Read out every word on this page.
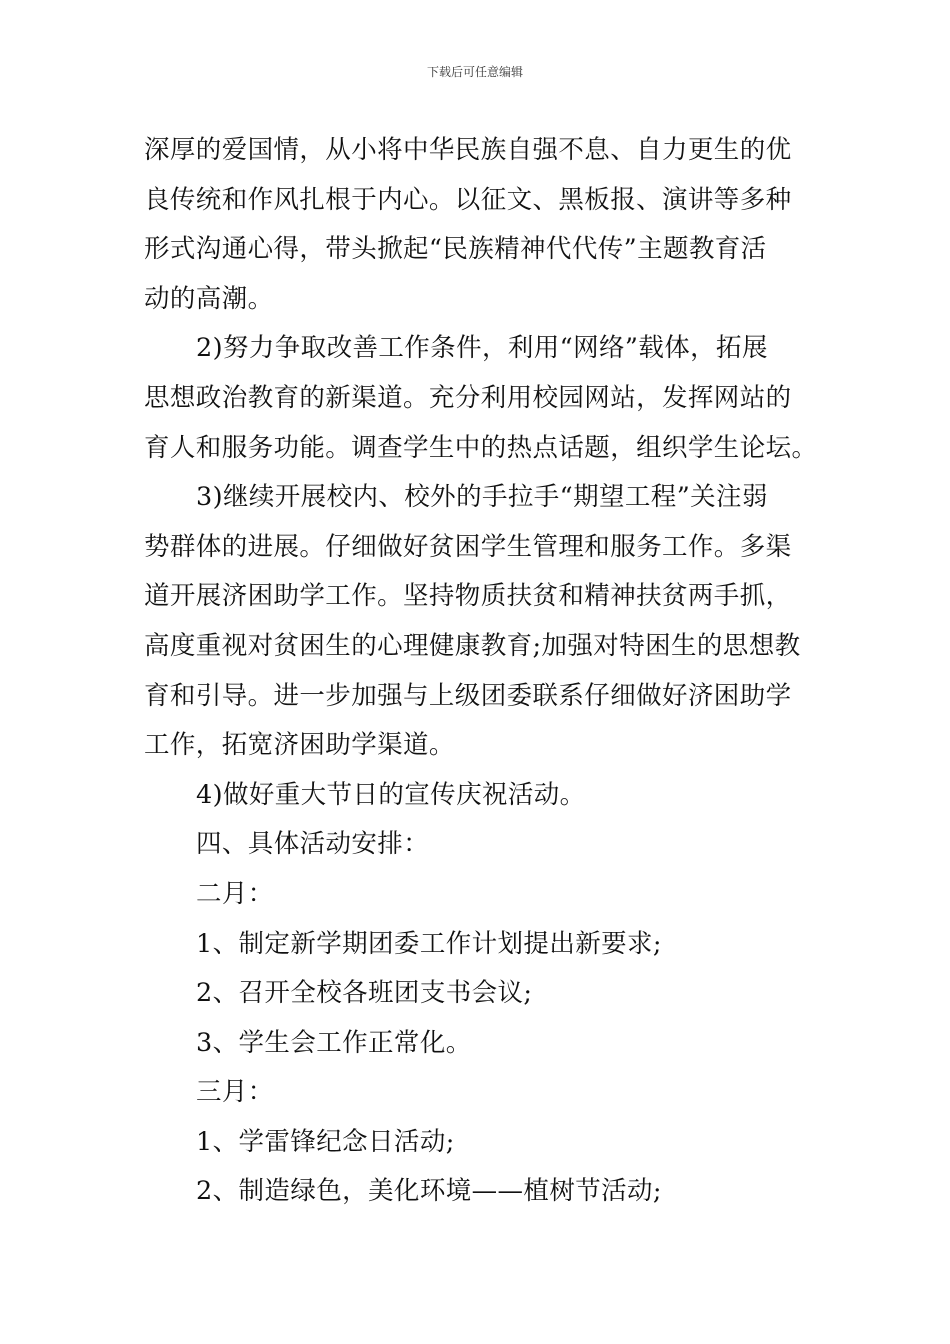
下载后可任意编辑
深厚的爱国情，从小将中华民族自强不息、自力更生的优
良传统和作风扎根于内心。以征文、黑板报、演讲等多种
形式沟通心得，带头掀起“民族精神代代传”主题教育活
动的高潮。
2)努力争取改善工作条件，利用“网络”载体，拓展
思想政治教育的新渠道。充分利用校园网站，发挥网站的
育人和服务功能。调查学生中的热点话题，组织学生论坛。
3)继续开展校内、校外的手拉手“期望工程”关注弱
势群体的进展。仔细做好贫困学生管理和服务工作。多渠
道开展济困助学工作。坚持物质扶贫和精神扶贫两手抓，
高度重视对贫困生的心理健康教育;加强对特困生的思想教
育和引导。进一步加强与上级团委联系仔细做好济困助学
工作，拓宽济困助学渠道。
4)做好重大节日的宣传庆祝活动。
四、具体活动安排：
二月：
1、制定新学期团委工作计划提出新要求;
2、召开全校各班团支书会议;
3、学生会工作正常化。
三月：
1、学雷锋纪念日活动;
2、制造绿色，美化环境——植树节活动;
